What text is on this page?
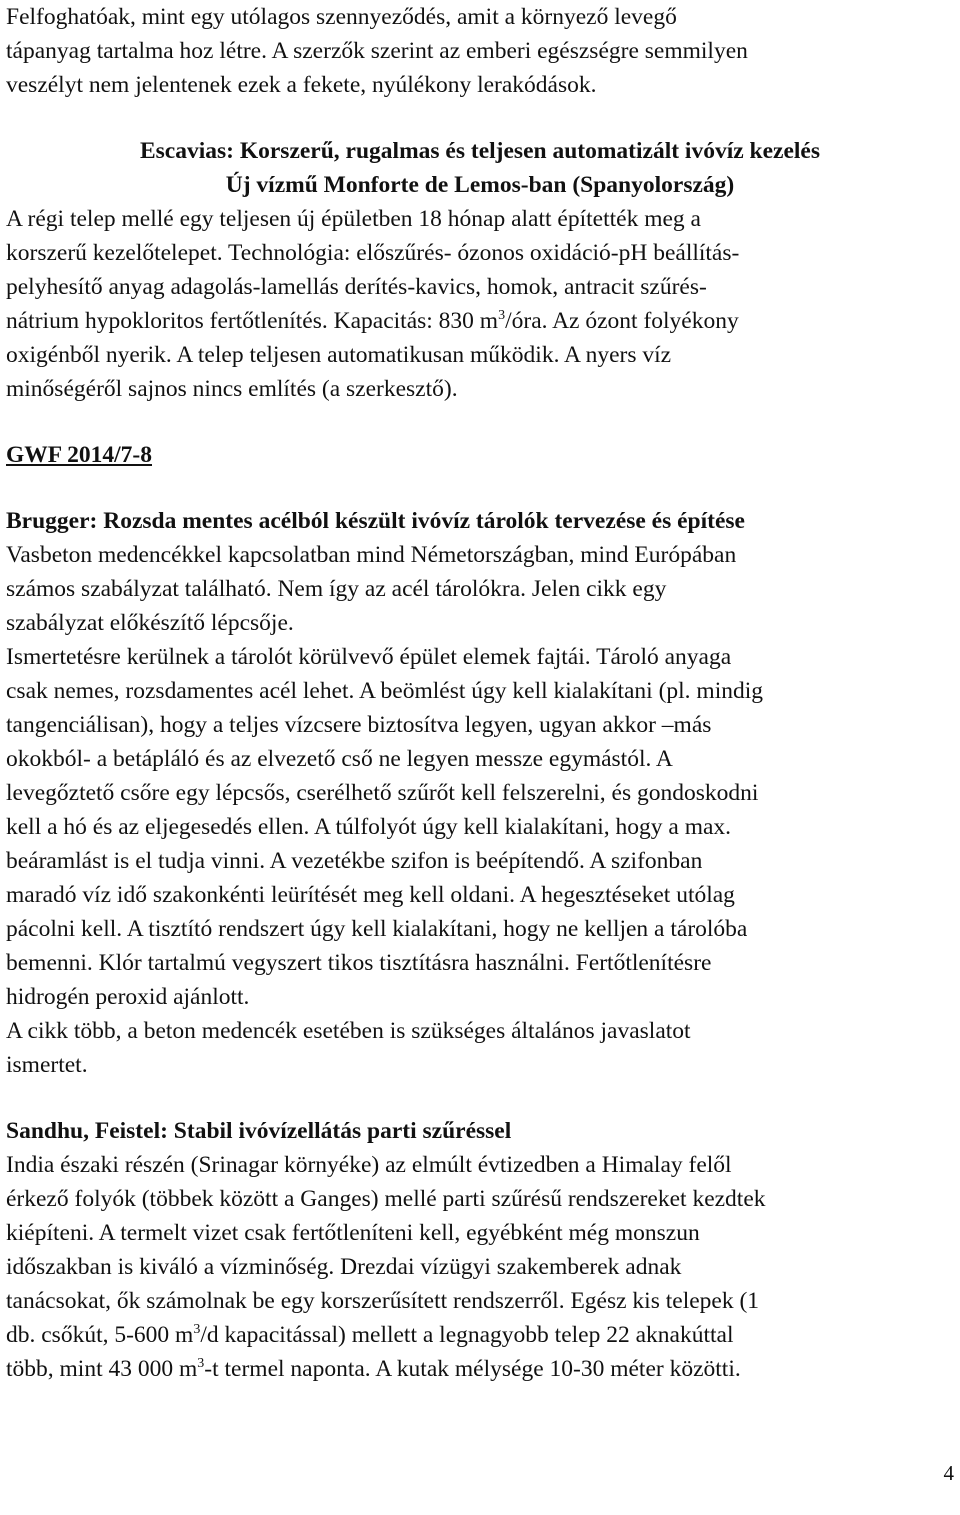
Felfoghatóak, mint egy utólagos szennyeződés, amit a környező levegő
tápanyag tartalma hoz létre. A szerzők szerint az emberi egészségre semmilyen
veszélyt nem jelentenek ezek a fekete, nyúlékony lerakódások.
Escavias: Korszerű, rugalmas és teljesen automatizált ivóvíz kezelés
Új vízmű Monforte de Lemos-ban (Spanyolország)
A régi telep mellé egy teljesen új épületben 18 hónap alatt építették meg a
korszerű kezelőtelepet. Technológia: előszűrés- ózonos oxidáció-pH beállítás-
pelyhesítő anyag adagolás-lamellás derítés-kavics, homok, antracit szűrés-
nátrium hypokloritos fertőtlenítés. Kapacitás: 830 $m^3$/óra. Az ózont folyékony
oxigénből nyerik. A telep teljesen automatikusan működik. A nyers víz
minőségéről sajnos nincs említés (a szerkesztő).
GWF 2014/7-8
Brugger: Rozsda mentes acélból készült ivóvíz tárolók tervezése és építése
Vasbeton medencékkel kapcsolatban mind Németországban, mind Európában
számos szabályzat található. Nem így az acél tárolókra. Jelen cikk egy
szabályzat előkészítő lépcsője.
Ismertetésre kerülnek a tárolót körülvevő épület elemek fajtái. Tároló anyaga
csak nemes, rozsdamentes acél lehet. A beömlést úgy kell kialakítani (pl. mindig
tangenciálisan), hogy a teljes vízcsere biztosítva legyen, ugyan akkor –más
okokból- a betápláló és az elvezető cső ne legyen messze egymástól. A
levegőztető csőre egy lépcsős, cserélhető szűrőt kell felszerelni, és gondoskodni
kell a hó és az eljegesedés ellen. A túlfolyót úgy kell kialakítani, hogy a max.
beáramlást is el tudja vinni. A vezetékbe szifon is beépítendő. A szifonban
maradó víz idő szakonkénti leürítését meg kell oldani. A hegesztéseket utólag
pácolni kell. A tisztító rendszert úgy kell kialakítani, hogy ne kelljen a tárolóba
bemenni. Klór tartalmú vegyszert tikos tisztításra használni. Fertőtlenítésre
hidrogén peroxid ajánlott.
A cikk több, a beton medencék esetében is szükséges általános javaslatot
ismertet.
Sandhu, Feistel: Stabil ivóvízellátás parti szűréssel
India északi részén (Srinagar környéke) az elmúlt évtizedben a Himalay felől
érkező folyók (többek között a Ganges) mellé parti szűrésű rendszereket kezdtek
kiépíteni. A termelt vizet csak fertőtleníteni kell, egyébként még monszun
időszakban is kiváló a vízminőség. Drezdai vízügyi szakemberek adnak
tanácsokat, ők számolnak be egy korszerűsített rendszerről. Egész kis telepek (1
db. csőkút, 5-600 $m^3/d$ kapacitással) mellett a legnagyobb telep 22 aknakúttal
több, mint 43 000 $m^3-t$ termel naponta. A kutak mélysége 10-30 méter közötti.
4
